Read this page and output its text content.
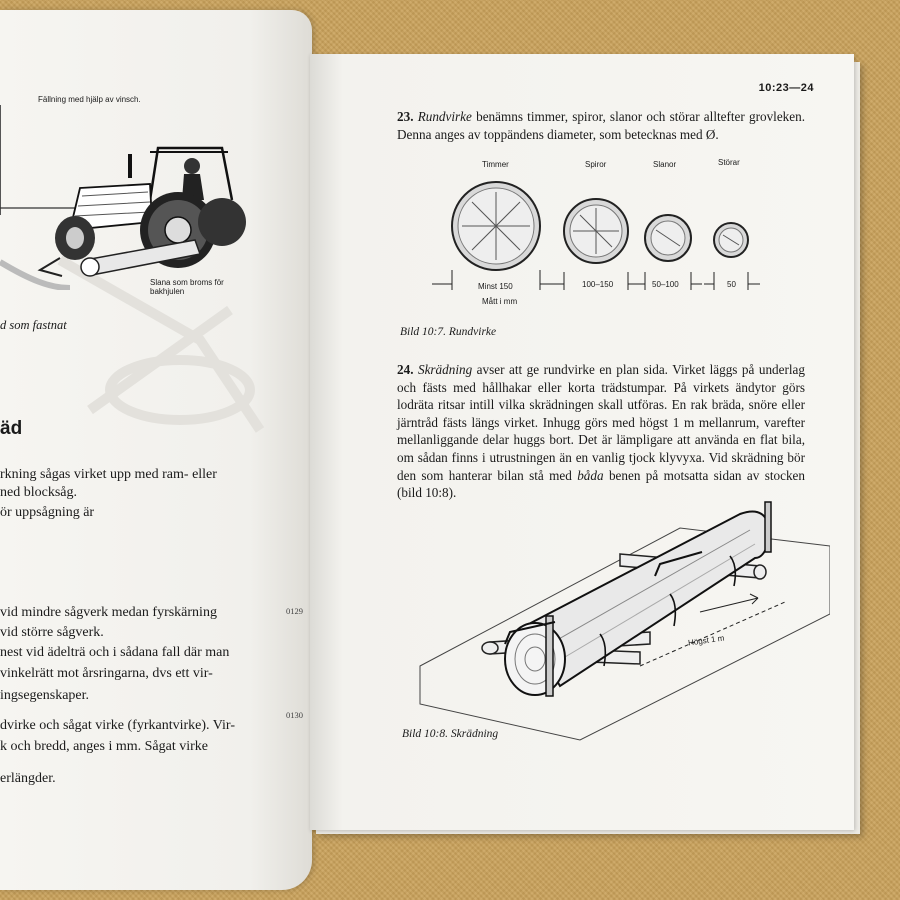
Fällning med hjälp av vinsch.
Slana som broms för bakhjulen
d som fastnat
äd
rkning sågas virket upp med ram- eller
ned blocksåg.
ör uppsågning är
vid mindre sågverk medan fyrskärning
vid större sågverk.
nest vid ädelträ och i sådana fall där man
vinkelrätt mot årsringarna, dvs ett vir-
ingsegenskaper.
dvirke och sågat virke (fyrkantvirke). Vir-
k och bredd, anges i mm. Sågat virke
erlängder.
0129
0130
10:23—24
23. Rundvirke benämns timmer, spiror, slanor och störar alltefter grovleken. Denna anges av toppändens diameter, som betecknas med Ø.
Timmer	Spiror	Slanor	Störar
Minst 150	100–150	50–100	50
Mått i mm
Bild 10:7. Rundvirke
24. Skrädning avser att ge rundvirke en plan sida. Virket läggs på underlag och fästs med hållhakar eller korta trädstumpar. På virkets ändytor görs lodräta ritsar intill vilka skrädningen skall utföras. En rak bräda, snöre eller järntråd fästs längs virket. Inhugg görs med högst 1 m mellanrum, varefter mellanliggande delar huggs bort. Det är lämpligare att använda en flat bila, om sådan finns i utrustningen än en vanlig tjock klyvyxa. Vid skrädning bör den som hanterar bilan stå med båda benen på motsatta sidan av stocken (bild 10:8).
Högst 1 m
Bild 10:8. Skrädning
